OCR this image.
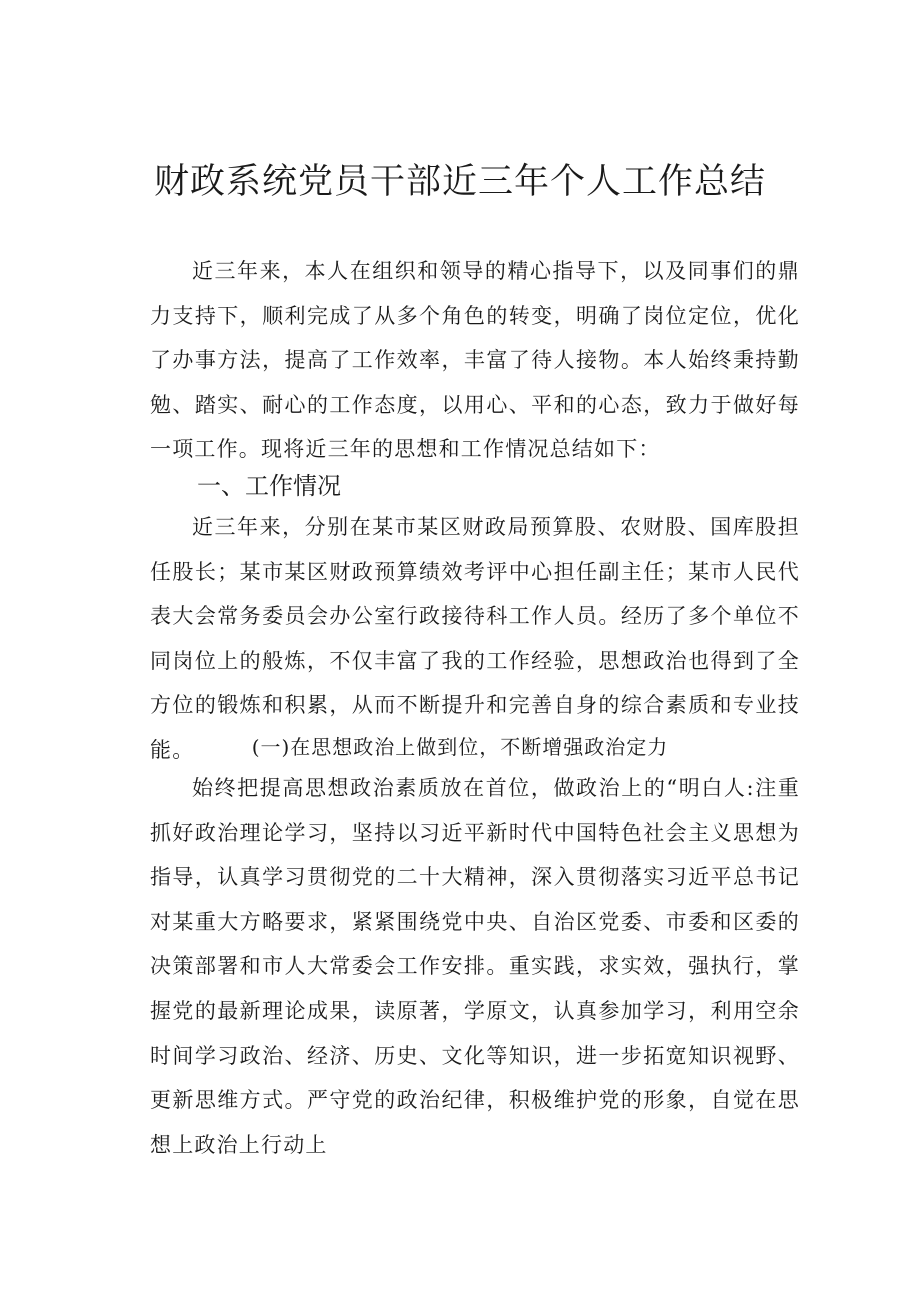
财政系统党员干部近三年个人工作总结

近三年来，本人在组织和领导的精心指导下，以及同事们的鼎力支持下，顺利完成了从多个角色的转变，明确了岗位定位，优化了办事方法，提高了工作效率，丰富了待人接物。本人始终秉持勤勉、踏实、耐心的工作态度，以用心、平和的心态，致力于做好每一项工作。现将近三年的思想和工作情况总结如下：

一、工作情况

近三年来，分别在某市某区财政局预算股、农财股、国库股担任股长；某市某区财政预算绩效考评中心担任副主任；某市人民代表大会常务委员会办公室行政接待科工作人员。经历了多个单位不同岗位上的般炼，不仅丰富了我的工作经验，思想政治也得到了全方位的锻炼和积累，从而不断提升和完善自身的综合素质和专业技能。	(一)在思想政治上做到位，不断增强政治定力

始终把提高思想政治素质放在首位，做政治上的“明白人:注重抓好政治理论学习，坚持以习近平新时代中国特色社会主义思想为指导，认真学习贯彻党的二十大精神，深入贯彻落实习近平总书记对某重大方略要求，紧紧围绕党中央、自治区党委、市委和区委的决策部署和市人大常委会工作安排。重实践，求实效，强执行，掌握党的最新理论成果，读原著，学原文，认真参加学习，利用空余时间学习政治、经济、历史、文化等知识，进一步拓宽知识视野、更新思维方式。严守党的政治纪律，积极维护党的形象，自觉在思想上政治上行动上
